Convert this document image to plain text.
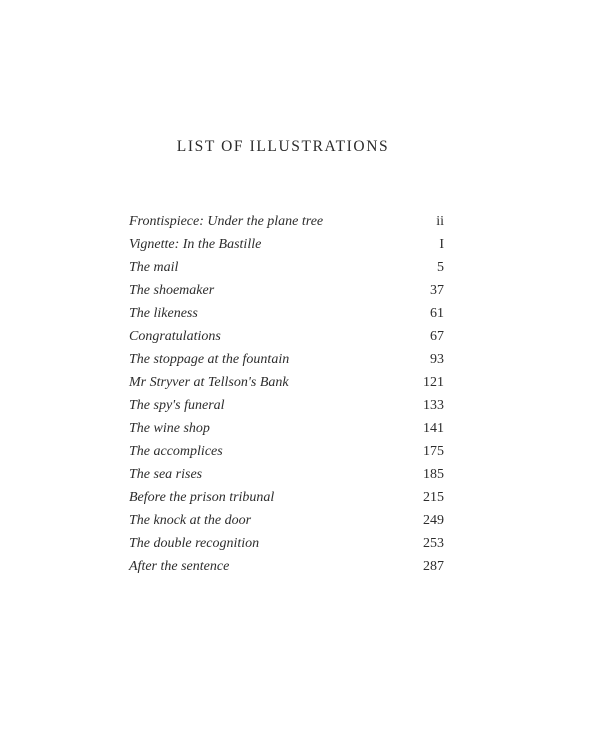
LIST OF ILLUSTRATIONS
Frontispiece: Under the plane tree	ii
Vignette: In the Bastille	I
The mail	5
The shoemaker	37
The likeness	61
Congratulations	67
The stoppage at the fountain	93
Mr Stryver at Tellson's Bank	121
The spy's funeral	133
The wine shop	141
The accomplices	175
The sea rises	185
Before the prison tribunal	215
The knock at the door	249
The double recognition	253
After the sentence	287
